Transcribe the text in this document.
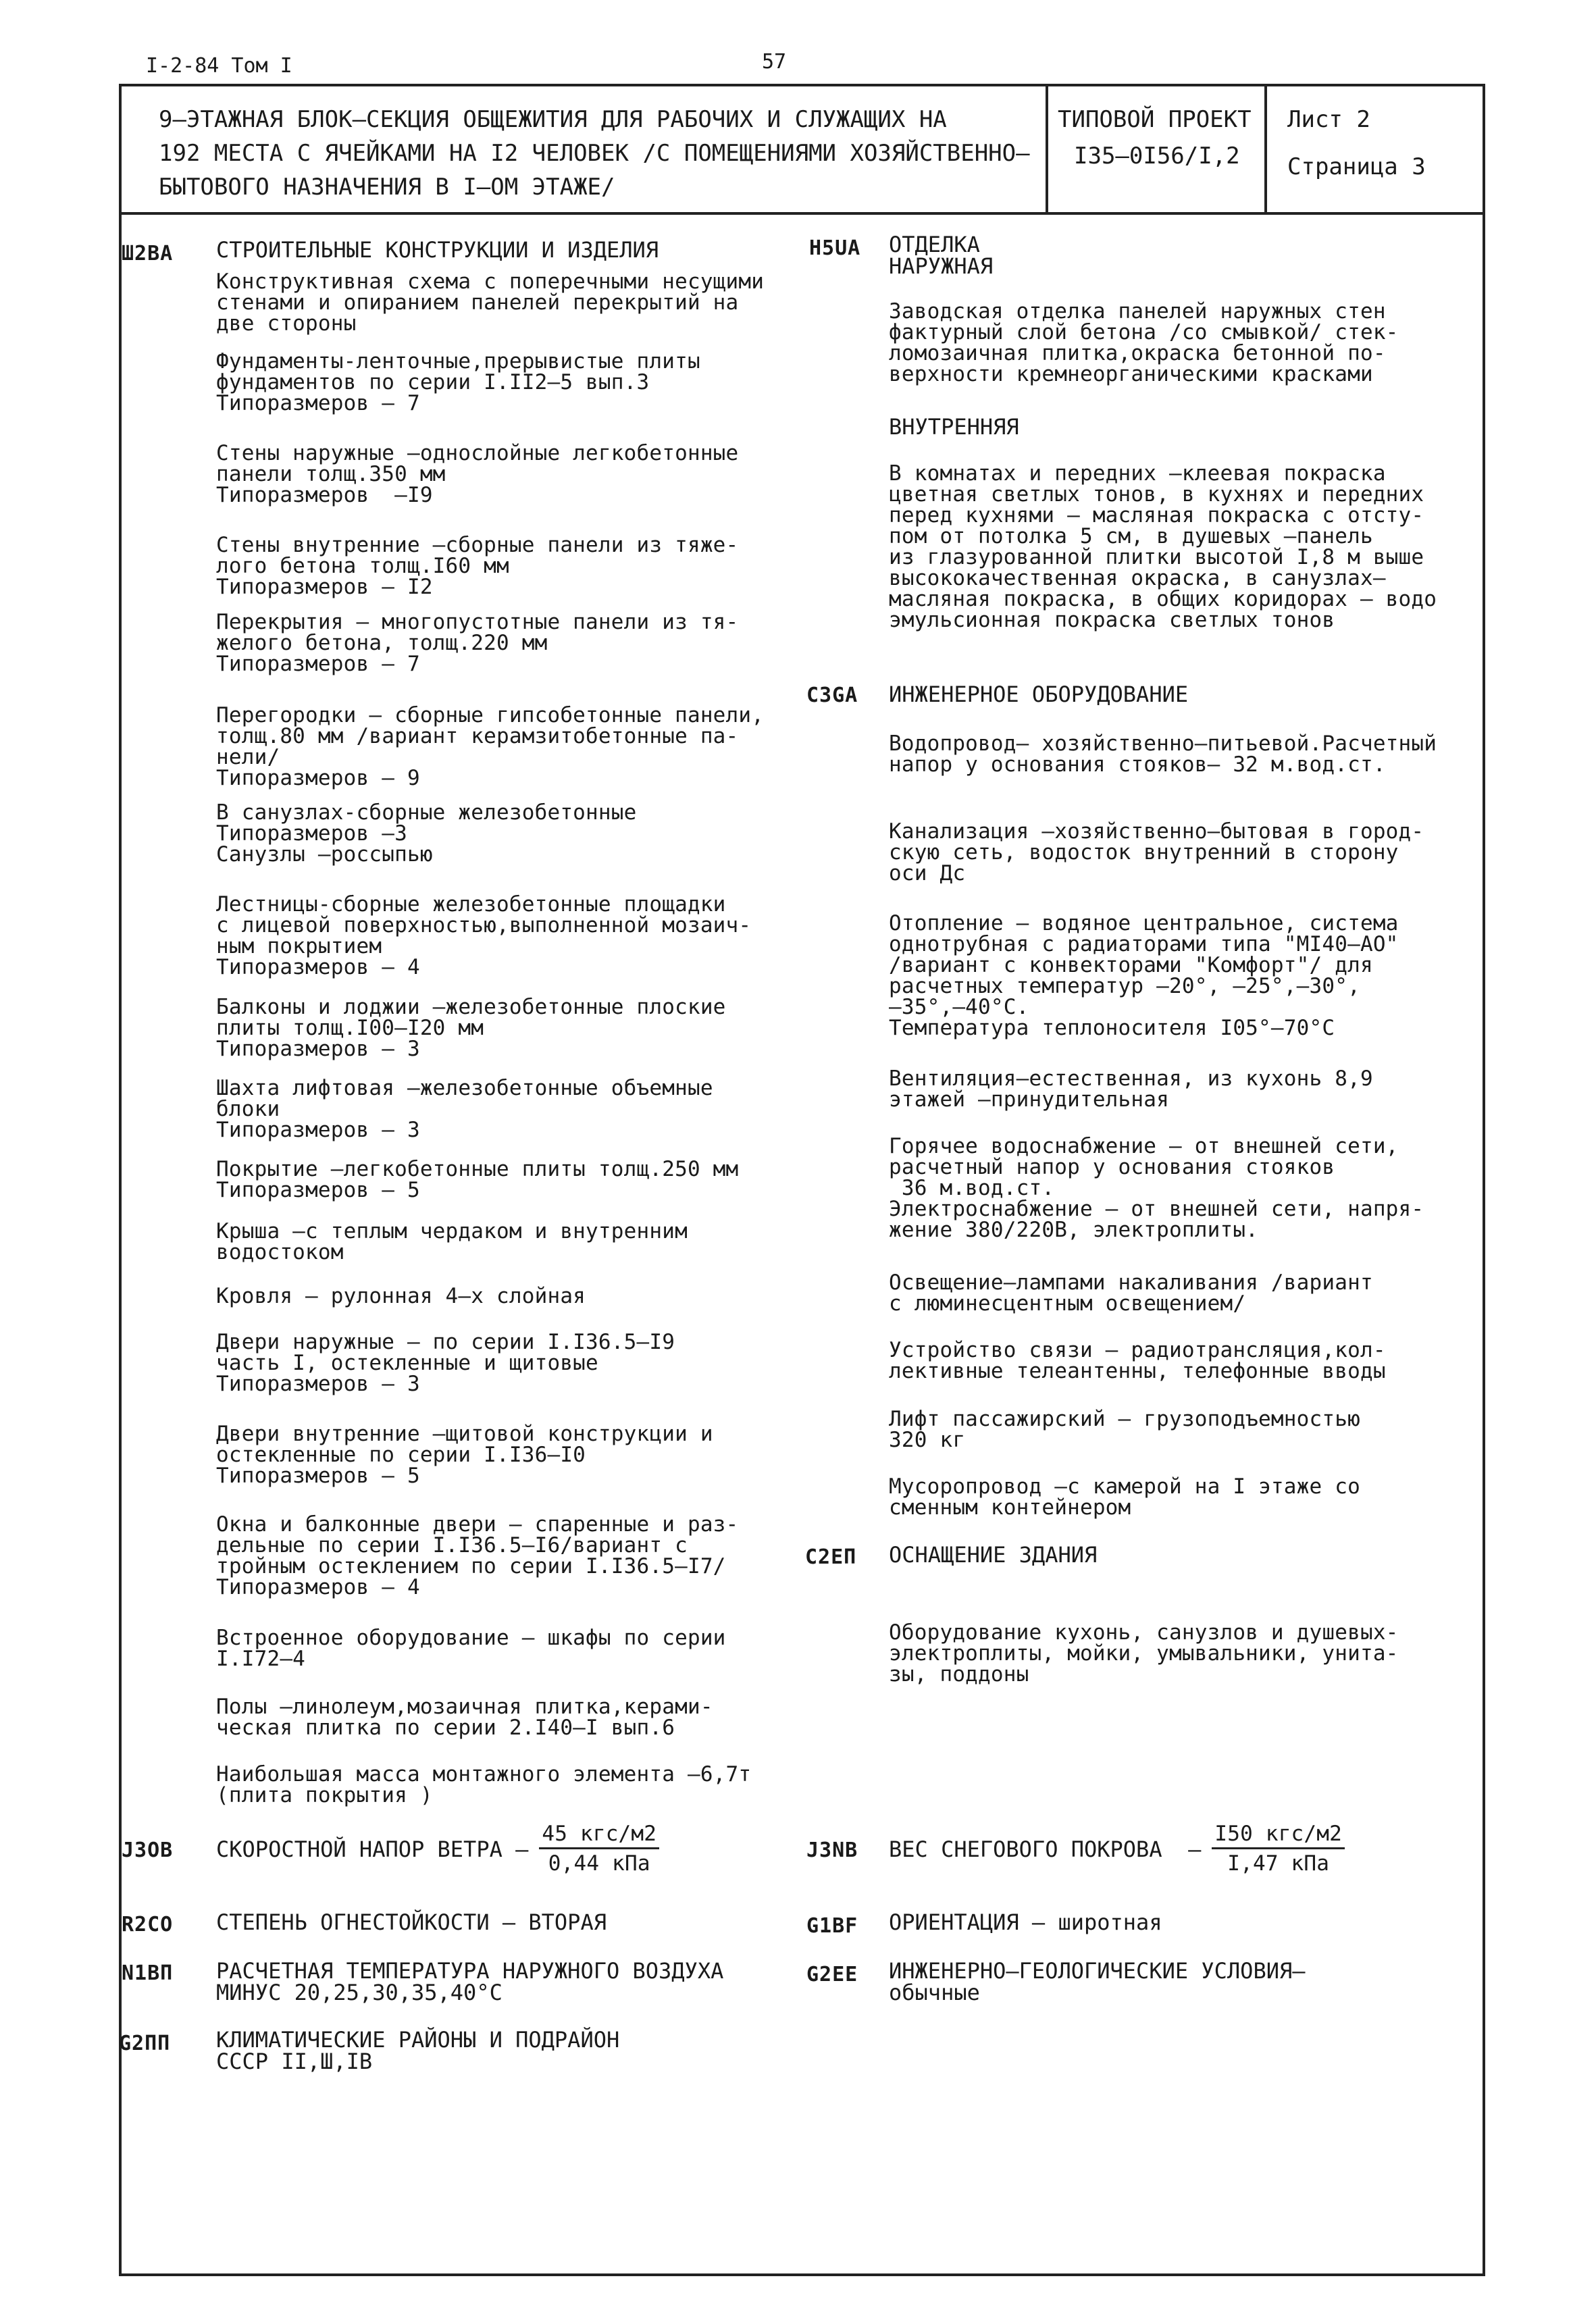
I-2-84 Том I	57
9–ЭТАЖНАЯ БЛОК–СЕКЦИЯ ОБЩЕЖИТИЯ ДЛЯ РАБОЧИХ И СЛУЖАЩИХ НА
192 МЕСТА С ЯЧЕЙКАМИ НА I2 ЧЕЛОВЕК /С ПОМЕЩЕНИЯМИ ХОЗЯЙСТВЕННО–
БЫТОВОГО НАЗНАЧЕНИЯ В I–ОМ ЭТАЖЕ/
ТИПОВОЙ ПРОЕКТ
I35–0I56/I,2
Лист 2
Страница 3
Ш2ВА СТРОИТЕЛЬНЫЕ КОНСТРУКЦИИ И ИЗДЕЛИЯ
Конструктивная схема с поперечными несущими
стенами и опиранием панелей перекрытий на
две стороны
Фундаменты-ленточные,прерывистые плиты
фундаментов по серии I.II2–5 вып.3
Типоразмеров – 7
Стены наружные –однослойные легкобетонные
панели толщ.350 мм
Типоразмеров  –I9
Стены внутренние –сборные панели из тяже-
лого бетона толщ.I60 мм
Типоразмеров – I2
Перекрытия – многопустотные панели из тя-
желого бетона, толщ.220 мм
Типоразмеров – 7
Перегородки – сборные гипсобетонные панели,
толщ.80 мм /вариант керамзитобетонные па-
нели/
Типоразмеров – 9
В санузлах-сборные железобетонные
Типоразмеров –3
Санузлы –россыпью
Лестницы-сборные железобетонные площадки
с лицевой поверхностью,выполненной мозаич-
ным покрытием
Типоразмеров – 4
Балконы и лоджии –железобетонные плоские
плиты толщ.I00–I20 мм
Типоразмеров – 3
Шахта лифтовая –железобетонные объемные
блоки
Типоразмеров – 3
Покрытие –легкобетонные плиты толщ.250 мм
Типоразмеров – 5
Крыша –с теплым чердаком и внутренним
водостоком
Кровля – рулонная 4–х слойная
Двери наружные – по серии I.I36.5–I9
часть I, остекленные и щитовые
Типоразмеров – 3
Двери внутренние –щитовой конструкции и
остекленные по серии I.I36–I0
Типоразмеров – 5
Окна и балконные двери – спаренные и раз-
дельные по серии I.I36.5–I6/вариант с
тройным остеклением по серии I.I36.5–I7/
Типоразмеров – 4
Встроенное оборудование – шкафы по серии
I.I72–4
Полы –линолеум,мозаичная плитка,керами-
ческая плитка по серии 2.I40–I вып.6
Наибольшая масса монтажного элемента –6,7т
(плита покрытия )
Н5UА ОТДЕЛКА
НАРУЖНАЯ
Заводская отделка панелей наружных стен
фактурный слой бетона /со смывкой/ стек-
ломозаичная плитка,окраска бетонной по-
верхности кремнеорганическими красками
ВНУТРЕННЯЯ
В комнатах и передних –клеевая покраска
цветная светлых тонов, в кухнях и передних
перед кухнями – масляная покраска с отсту-
пом от потолка 5 см, в душевых –панель
из глазурованной плитки высотой I,8 м выше
высококачественная окраска, в санузлах–
масляная покраска, в общих коридорах – водо
эмульсионная покраска светлых тонов
С3GА ИНЖЕНЕРНОЕ ОБОРУДОВАНИЕ
Водопровод– хозяйственно–питьевой.Расчетный
напор у основания стояков– 32 м.вод.ст.
Канализация –хозяйственно–бытовая в город-
скую сеть, водосток внутренний в сторону
оси Дс
Отопление – водяное центральное, система
однотрубная с радиаторами типа "МI40–АО"
/вариант с конвекторами "Комфорт"/ для
расчетных температур –20°, –25°,–30°,
–35°,–40°С.
Температура теплоносителя I05°–70°С
Вентиляция–естественная, из кухонь 8,9
этажей –принудительная
Горячее водоснабжение – от внешней сети,
расчетный напор у основания стояков
36 м.вод.ст.
Электроснабжение – от внешней сети, напря-
жение 380/220В, электроплиты.
Освещение–лампами накаливания /вариант
с люминесцентным освещением/
Устройство связи – радиотрансляция,кол-
лективные телеантенны, телефонные вводы
Лифт пассажирский – грузоподъемностью
320 кг
Мусоропровод –с камерой на I этаже со
сменным контейнером
С2ЕП ОСНАЩЕНИЕ ЗДАНИЯ
Оборудование кухонь, санузлов и душевых-
электроплиты, мойки, умывальники, унита-
зы, поддоны
J3ОВ СКОРОСТНОЙ НАПОР ВЕТРА – $\frac{\text{45 кгс/м2}}{\text{0,44 кПа}}$	J3NВ ВЕС СНЕГОВОГО ПОКРОВА  – $\frac{\text{I50 кгс/м2}}{\text{I,47 кПа}}$
R2СО СТЕПЕНЬ ОГНЕСТОЙКОСТИ – ВТОРАЯ	G1ВF ОРИЕНТАЦИЯ – широтная
N1ВП РАСЧЕТНАЯ ТЕМПЕРАТУРА НАРУЖНОГО ВОЗДУХА
МИНУС 20,25,30,35,40°С
G2ЕЕ ИНЖЕНЕРНО–ГЕОЛОГИЧЕСКИЕ УСЛОВИЯ–
обычные
G2ПП КЛИМАТИЧЕСКИЕ РАЙОНЫ И ПОДРАЙОН
СССР II,Ш,IВ
